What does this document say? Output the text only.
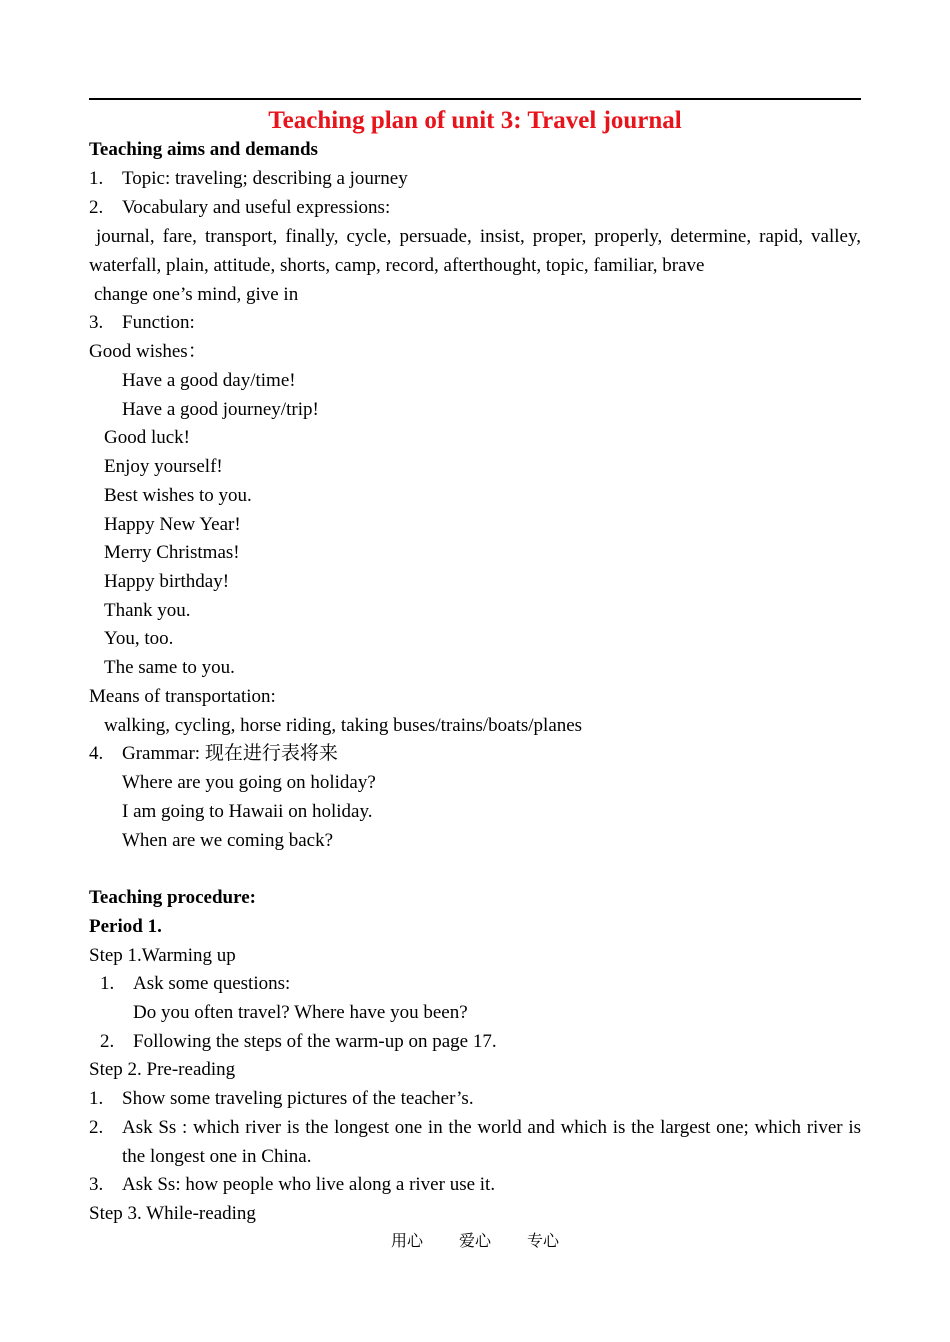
Teaching plan of unit 3: Travel journal
Teaching aims and demands
1. Topic: traveling; describing a journey
2. Vocabulary and useful expressions:
journal, fare, transport, finally, cycle, persuade, insist, proper, properly, determine, rapid, valley,
waterfall, plain, attitude, shorts, camp, record, afterthought, topic, familiar, brave
change one’s mind, give in
3. Function:
Good wishes：
Have a good day/time!
Have a good journey/trip!
Good luck!
Enjoy yourself!
Best wishes to you.
Happy New Year!
Merry Christmas!
Happy birthday!
Thank you.
You, too.
The same to you.
Means of transportation:
walking, cycling, horse riding, taking buses/trains/boats/planes
4. Grammar: 现在进行表将来
Where are you going on holiday?
I am going to Hawaii on holiday.
When are we coming back?
Teaching procedure:
Period 1.
Step 1.Warming up
1. Ask some questions:
Do you often travel? Where have you been?
2. Following the steps of the warm-up on page 17.
Step 2. Pre-reading
1. Show some traveling pictures of the teacher’s.
2. Ask Ss : which river is the longest one in the world and which is the largest one; which river is the longest one in China.
3. Ask Ss: how people who live along a river use it.
Step 3. While-reading
用心 爱心 专心
